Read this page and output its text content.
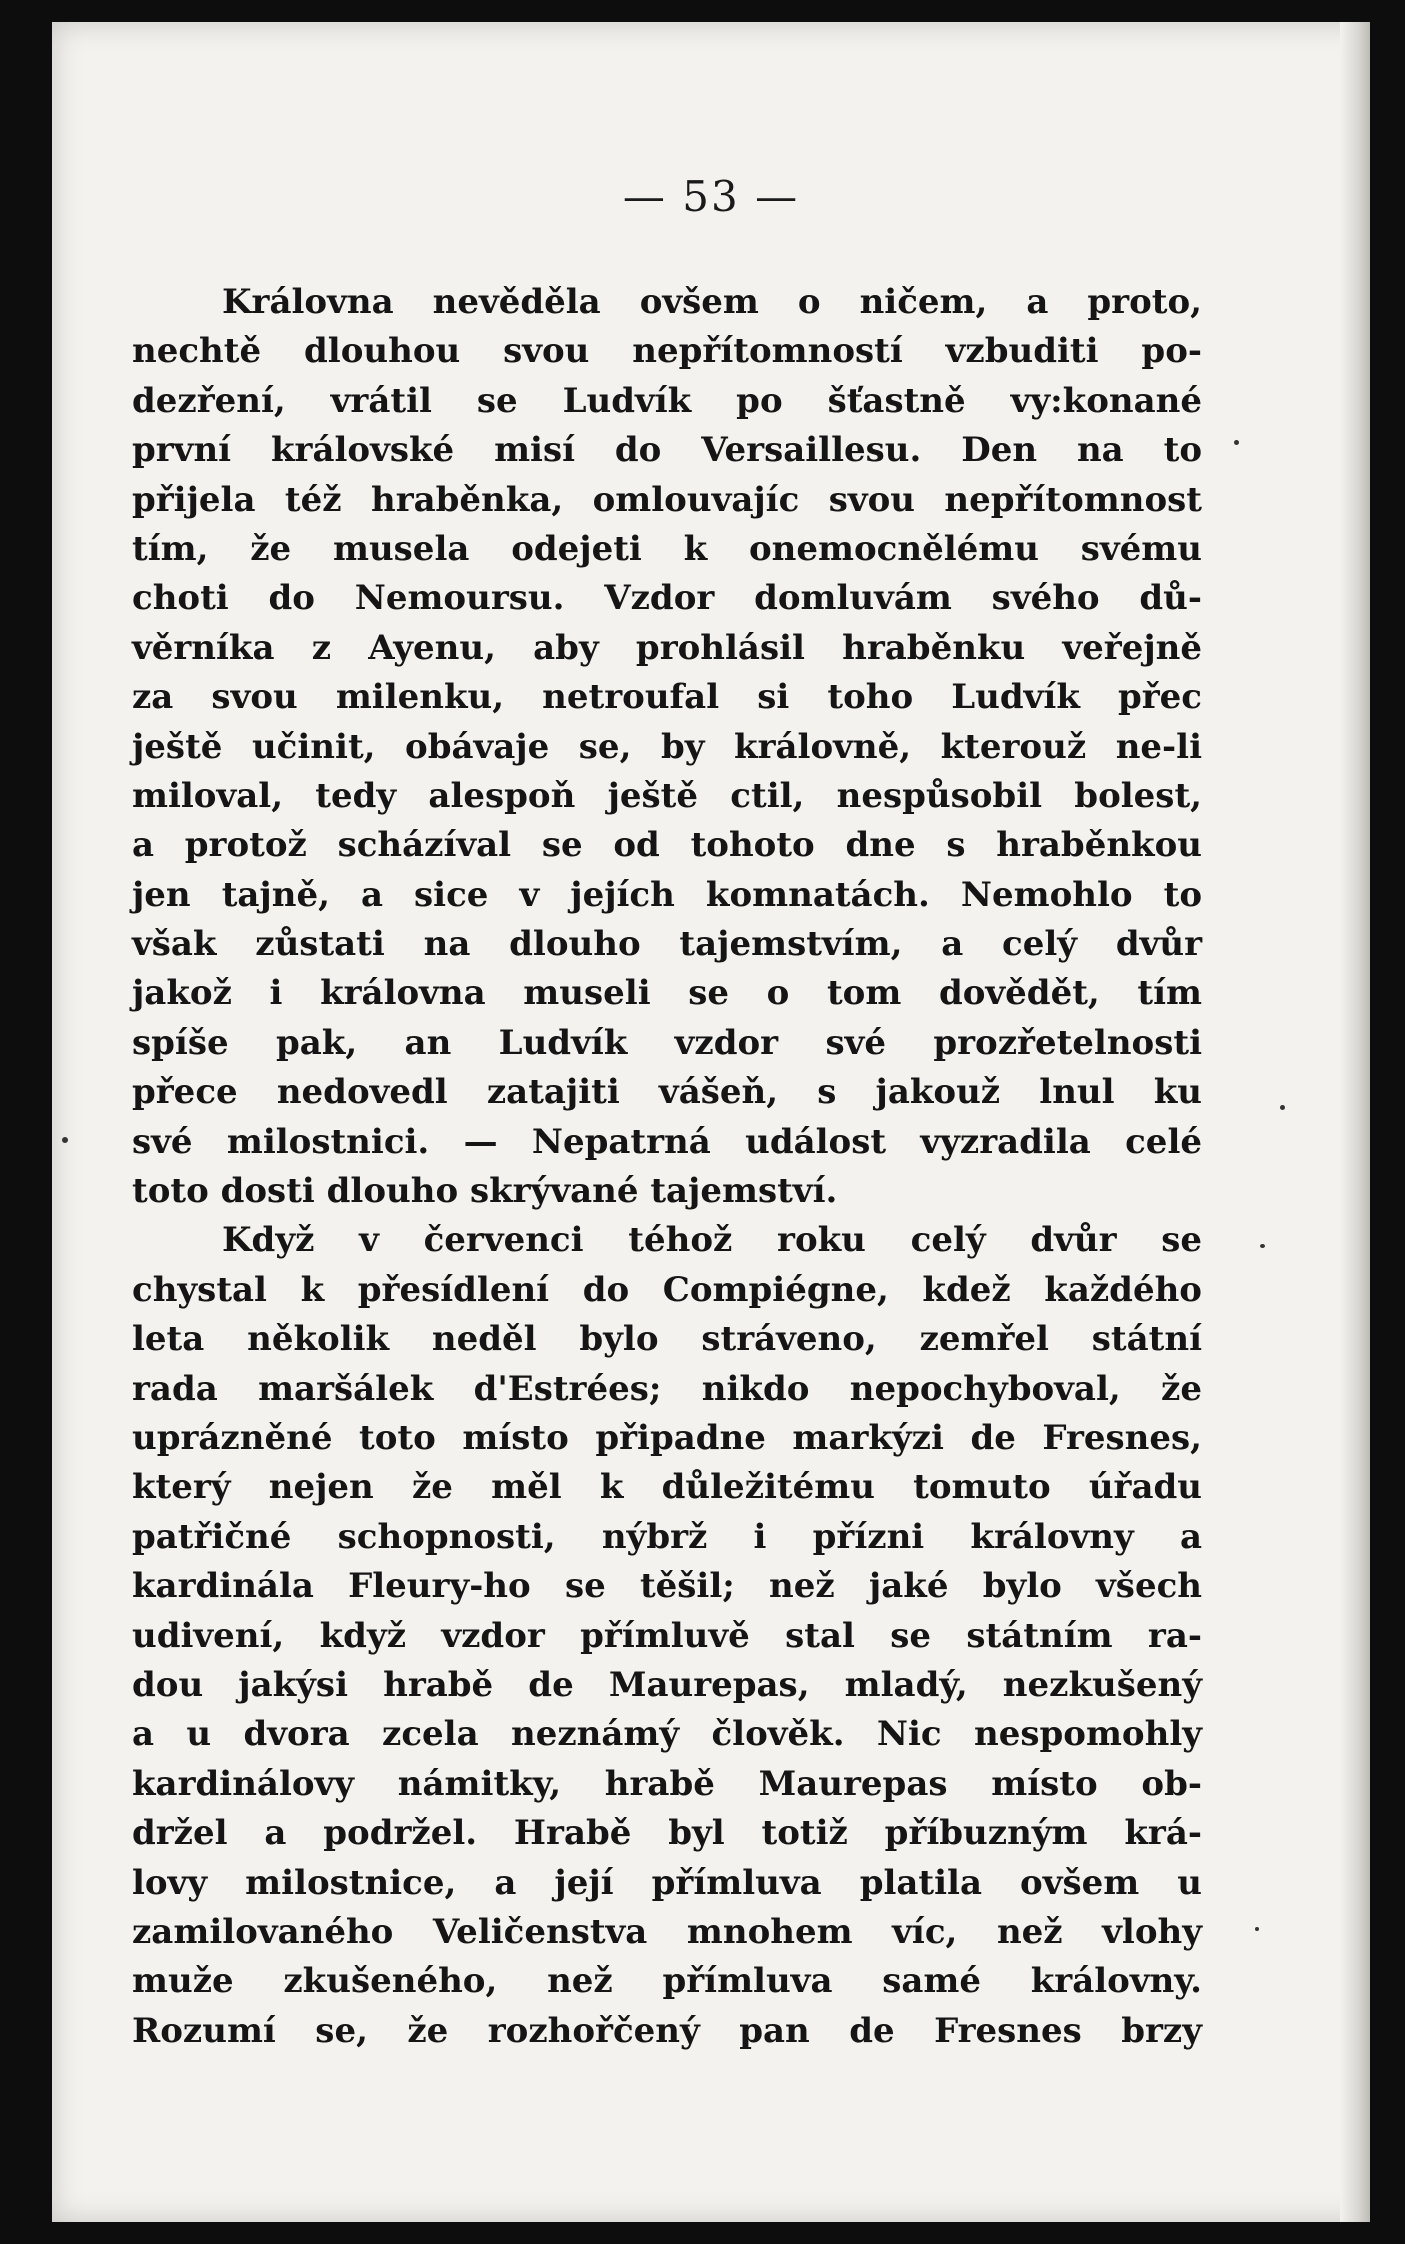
— 53 —
Královna nevěděla ovšem o ničem, a proto,
nechtě dlouhou svou nepřítomností vzbuditi po-
dezření, vrátil se Ludvík po šťastně vy:konané
první královské misí do Versaillesu. Den na to
přijela též hraběnka, omlouvajíc svou nepřítomnost
tím, že musela odejeti k onemocnělému svému
choti do Nemoursu. Vzdor domluvám svého dů-
věrníka z Ayenu, aby prohlásil hraběnku veřejně
za svou milenku, netroufal si toho Ludvík přec
ještě učinit, obávaje se, by královně, kterouž ne-li
miloval, tedy alespoň ještě ctil, nespůsobil bolest,
a protož scházíval se od tohoto dne s hraběnkou
jen tajně, a sice v jejích komnatách. Nemohlo to
však zůstati na dlouho tajemstvím, a celý dvůr
jakož i královna museli se o tom dovědět, tím
spíše pak, an Ludvík vzdor své prozřetelnosti
přece nedovedl zatajiti vášeň, s jakouž lnul ku
své milostnici. — Nepatrná událost vyzradila celé
toto dosti dlouho skrývané tajemství.
Když v červenci téhož roku celý dvůr se
chystal k přesídlení do Compiégne, kdež každého
leta několik neděl bylo stráveno, zemřel státní
rada maršálek d'Estrées; nikdo nepochyboval, že
uprázněné toto místo připadne markýzi de Fresnes,
který nejen že měl k důležitému tomuto úřadu
patřičné schopnosti, nýbrž i přízni královny a
kardinála Fleury-ho se těšil; než jaké bylo všech
udivení, když vzdor přímluvě stal se státním ra-
dou jakýsi hrabě de Maurepas, mladý, nezkušený
a u dvora zcela neznámý člověk. Nic nespomohly
kardinálovy námitky, hrabě Maurepas místo ob-
držel a podržel. Hrabě byl totiž příbuzným krá-
lovy milostnice, a její přímluva platila ovšem u
zamilovaného Veličenstva mnohem víc, než vlohy
muže zkušeného, než přímluva samé královny.
Rozumí se, že rozhořčený pan de Fresnes brzy
